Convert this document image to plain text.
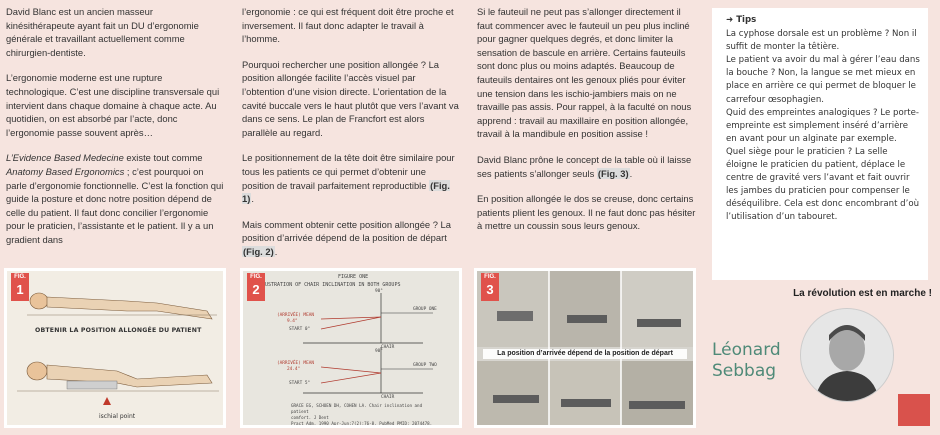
David Blanc est un ancien masseur kinésithérapeute ayant fait un DU d’ergonomie générale et travaillant actuellement comme chirurgien-dentiste.

L’ergonomie moderne est une rupture technologique. C’est une discipline transversale qui intervient dans chaque domaine à chaque acte. Au quotidien, on est absorbé par l’acte, donc l’ergonomie passe souvent après…

L’Evidence Based Medecine existe tout comme Anatomy Based Ergonomics ; c’est pourquoi on parle d’ergonomie fonctionnelle. C’est la fonction qui guide la posture et donc notre position dépend de celle du patient. Il faut donc concilier l’ergonomie pour le praticien, l’assistante et le patient. Il y a un gradient dans

l’ergonomie : ce qui est fréquent doit être proche et inversement. Il faut donc adapter le travail à l’homme.

Pourquoi rechercher une position allongée ? La position allongée facilite l’accès visuel par l’obtention d’une vision directe. L’orientation de la cavité buccale vers le haut plutôt que vers l’avant va dans ce sens. Le plan de Francfort est alors parallèle au regard.

Le positionnement de la tête doit être similaire pour tous les patients ce qui permet d’obtenir une position de travail parfaitement reproductible (Fig. 1).

Mais comment obtenir cette position allongée ? La position d’arrivée dépend de la position de départ (Fig. 2).

Si le fauteuil ne peut pas s’allonger directement il faut commencer avec le fauteuil un peu plus incliné pour gagner quelques degrés, et donc limiter la sensation de bascule en arrière. Certains fauteuils sont donc plus ou moins adaptés. Beaucoup de fauteuils dentaires ont les genoux pliés pour éviter une tension dans les ischio-jambiers mais on ne travaille pas assis. Pour rappel, à la faculté on nous apprend : travail au maxillaire en position allongée, travail à la mandibule en position assise !

David Blanc prône le concept de la table où il laisse ses patients s’allonger seuls (Fig. 3).

En position allongée le dos se creuse, donc certains patients plient les genoux. Il ne faut donc pas hésiter à mettre un coussin sous leurs genoux.

➜ Tips
La cyphose dorsale est un problème ? Non il suffit de monter la têtière.
Le patient va avoir du mal à gérer l’eau dans la bouche ? Non, la langue se met mieux en place en arrière ce qui permet de bloquer le carrefour œsophagien.
Quid des empreintes analogiques ? Le porte-empreinte est simplement inséré d’arrière en avant pour un alginate par exemple.
Quel siège pour le praticien ? La selle éloigne le praticien du patient, déplace le centre de gravité vers l’avant et fait ouvrir les jambes du praticien pour compenser le déséquilibre. Cela est donc encombrant d’où l’utilisation d’un tabouret.
La révolution est en marche !
FIG.
1
OBTENIR LA POSITION ALLONGÉE DU PATIENT
ischial point
FIG.
2
FIGURE ONE
USTRATION OF CHAIR INCLINATION IN BOTH GROUPS
90°
(ARRIVÉE) MEAN
9.4°
START 0°
GROUP ONE
CHAIR
90°
(ARRIVÉE) MEAN
24.4°
START 5°
GROUP TWO
CHAIR
GRACE EG, SCHOEN DH, COHEN LA. Chair inclination and patient
comfort. J Dent
Pract Adm. 1990 Apr-Jun;7(2):76-8. PubMed PMID: 2074478.
FIG.
3
La position d’arrivée dépend de la position de départ	Léonard
Sebbag
